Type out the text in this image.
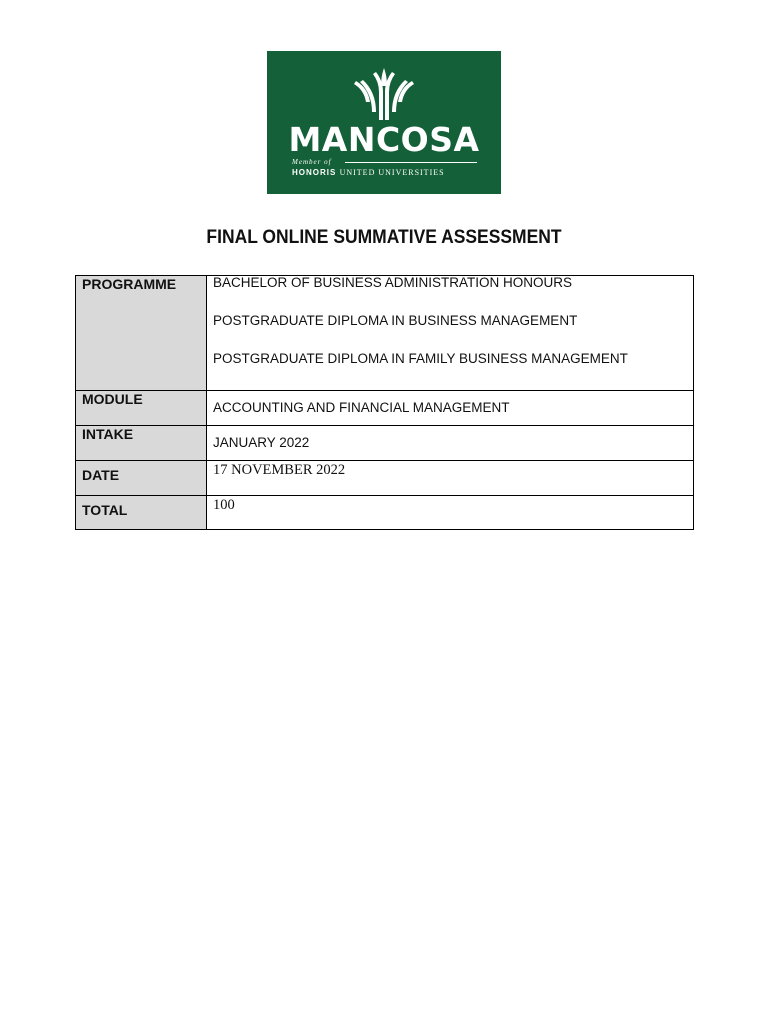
MANCOSA
Member of
HONORIS UNITED UNIVERSITIES
FINAL ONLINE SUMMATIVE ASSESSMENT
PROGRAMME	BACHELOR OF BUSINESS ADMINISTRATION HONOURS
POSTGRADUATE DIPLOMA IN BUSINESS MANAGEMENT
POSTGRADUATE DIPLOMA IN FAMILY BUSINESS MANAGEMENT

MODULE	ACCOUNTING AND FINANCIAL MANAGEMENT

INTAKE	JANUARY 2022

DATE	17 NOVEMBER 2022

TOTAL	100
